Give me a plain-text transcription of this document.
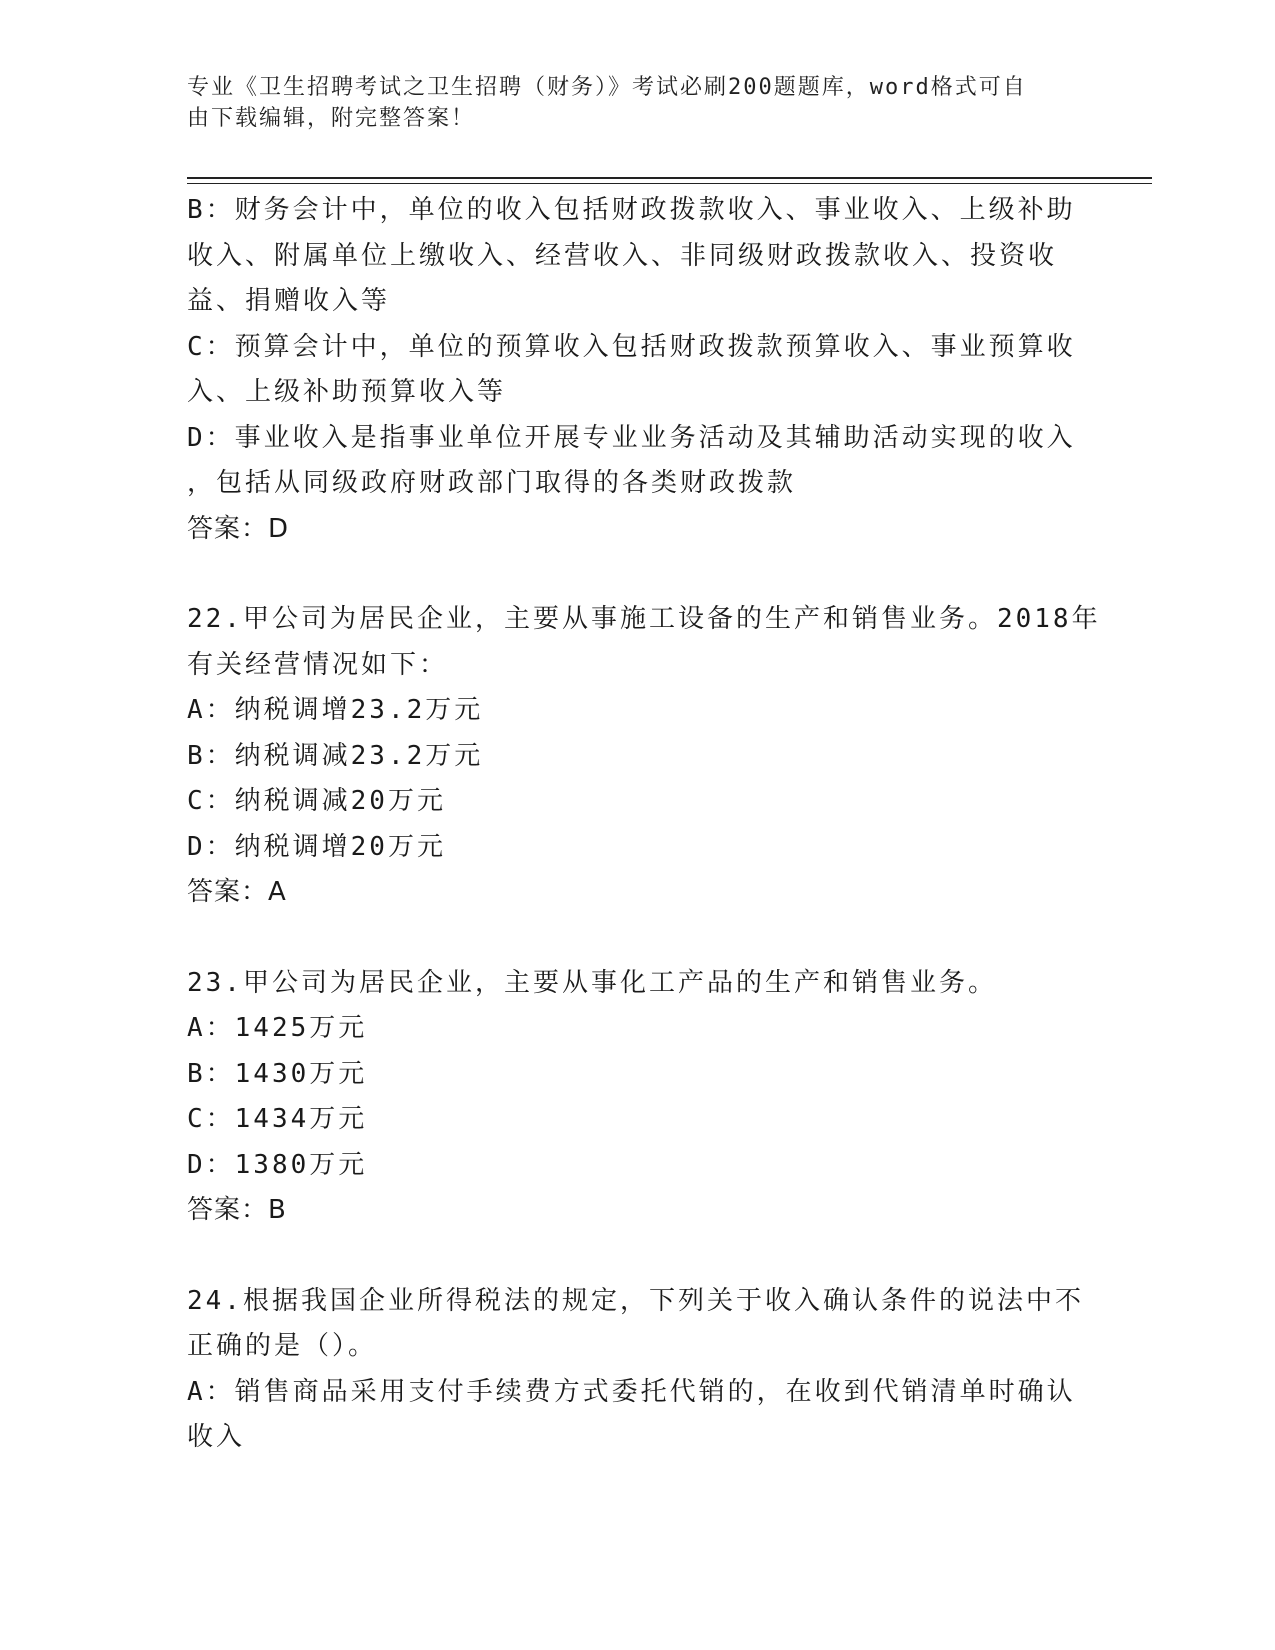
专业《卫生招聘考试之卫生招聘（财务）》考试必刷200题题库，word格式可自
由下载编辑，附完整答案！
B：财务会计中，单位的收入包括财政拨款收入、事业收入、上级补助
收入、附属单位上缴收入、经营收入、非同级财政拨款收入、投资收
益、捐赠收入等
C：预算会计中，单位的预算收入包括财政拨款预算收入、事业预算收
入、上级补助预算收入等
D：事业收入是指事业单位开展专业业务活动及其辅助活动实现的收入
，包括从同级政府财政部门取得的各类财政拨款
答案：D
22.甲公司为居民企业，主要从事施工设备的生产和销售业务。2018年
有关经营情况如下：
A：纳税调增23.2万元
B：纳税调减23.2万元
C：纳税调减20万元
D：纳税调增20万元
答案：A
23.甲公司为居民企业，主要从事化工产品的生产和销售业务。
A：1425万元
B：1430万元
C：1434万元
D：1380万元
答案：B
24.根据我国企业所得税法的规定，下列关于收入确认条件的说法中不
正确的是（）。
A：销售商品采用支付手续费方式委托代销的，在收到代销清单时确认
收入
